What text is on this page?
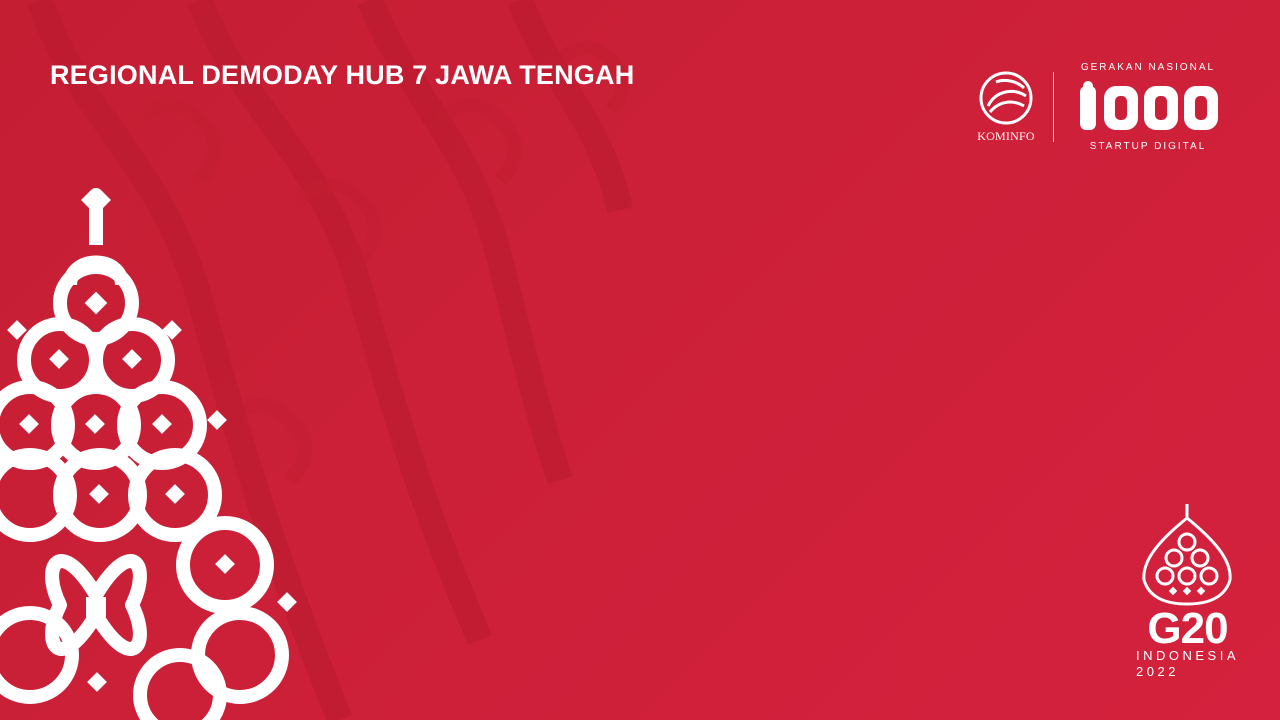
REGIONAL DEMODAY HUB 7 JAWA TENGAH
KOMINFO
GERAKAN NASIONAL
STARTUP DIGITAL
G20
INDONESIA
2022
